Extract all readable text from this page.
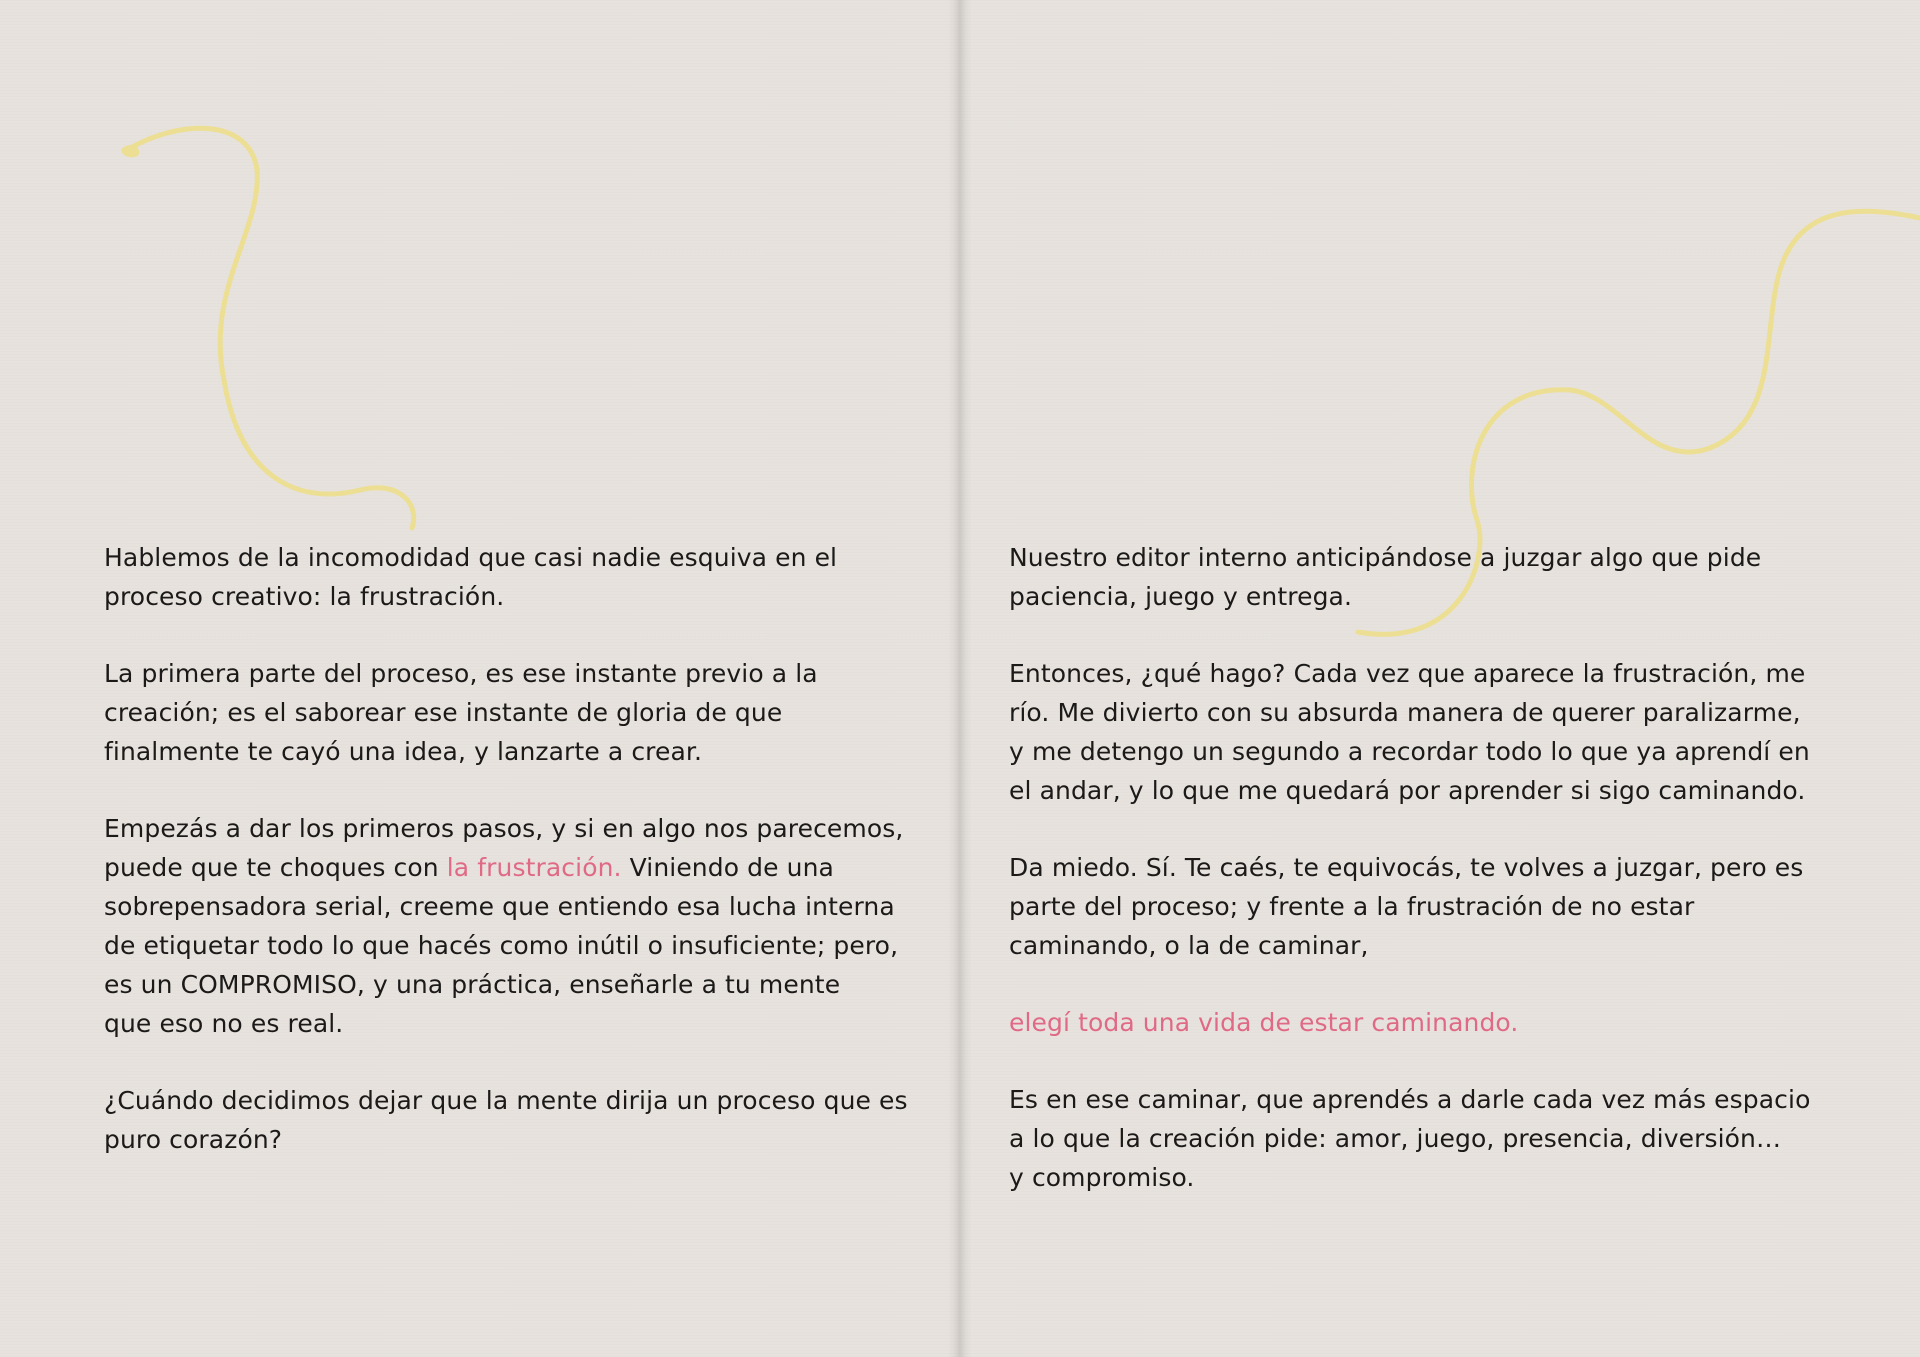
Hablemos de la incomodidad que casi nadie esquiva en el
proceso creativo: la frustración.

La primera parte del proceso, es ese instante previo a la
creación; es el saborear ese instante de gloria de que
finalmente te cayó una idea, y lanzarte a crear.

Empezás a dar los primeros pasos, y si en algo nos parecemos,
puede que te choques con la frustración. Viniendo de una
sobrepensadora serial, creeme que entiendo esa lucha interna
de etiquetar todo lo que hacés como inútil o insuficiente; pero,
es un COMPROMISO, y una práctica, enseñarle a tu mente
que eso no es real.

¿Cuándo decidimos dejar que la mente dirija un proceso que es
puro corazón?

Nuestro editor interno anticipándose a juzgar algo que pide
paciencia, juego y entrega.

Entonces, ¿qué hago? Cada vez que aparece la frustración, me
río. Me divierto con su absurda manera de querer paralizarme,
y me detengo un segundo a recordar todo lo que ya aprendí en
el andar, y lo que me quedará por aprender si sigo caminando.

Da miedo. Sí. Te caés, te equivocás, te volves a juzgar, pero es
parte del proceso; y frente a la frustración de no estar
caminando, o la de caminar,

elegí toda una vida de estar caminando.

Es en ese caminar, que aprendés a darle cada vez más espacio
a lo que la creación pide: amor, juego, presencia, diversión…
y compromiso.
